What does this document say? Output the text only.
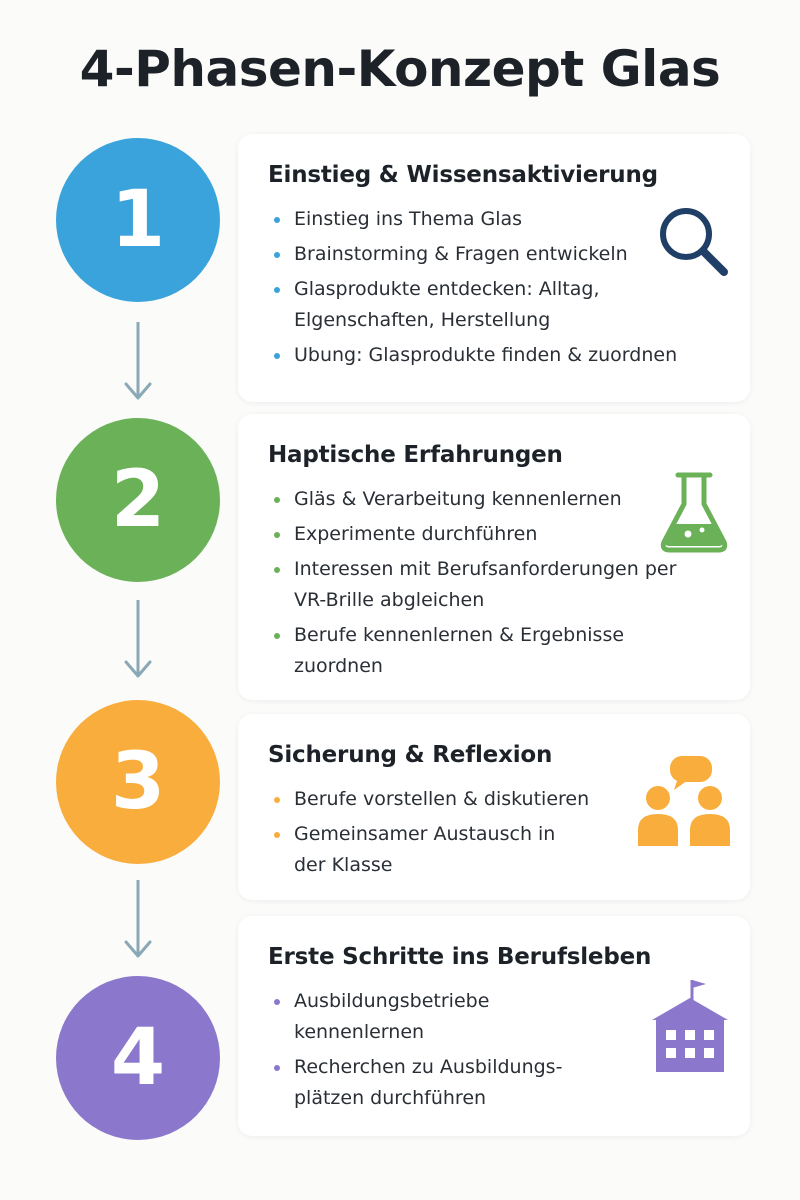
4-Phasen-Konzept Glas
1	Einstieg & Wissensaktivierung
Einstieg ins Thema Glas
Brainstorming & Fragen entwickeln
Glasprodukte entdecken: Alltag, Elgenschaften, Herstellung
Ubung: Glasprodukte finden & zuordnen
2	Haptische Erfahrungen
Gläs & Verarbeitung kennenlernen
Experimente durchführen
Interessen mit Berufsanforderungen per VR-Brille abgleichen
Berufe kennenlernen & Ergebnisse zuordnen
3	Sicherung & Reflexion
Berufe vorstellen & diskutieren
Gemeinsamer Austausch in der Klasse
4
Erste Schritte ins Berufsleben
Ausbildungsbetriebe kennenlernen
Recherchen zu Ausbildungs-plätzen durchführen
